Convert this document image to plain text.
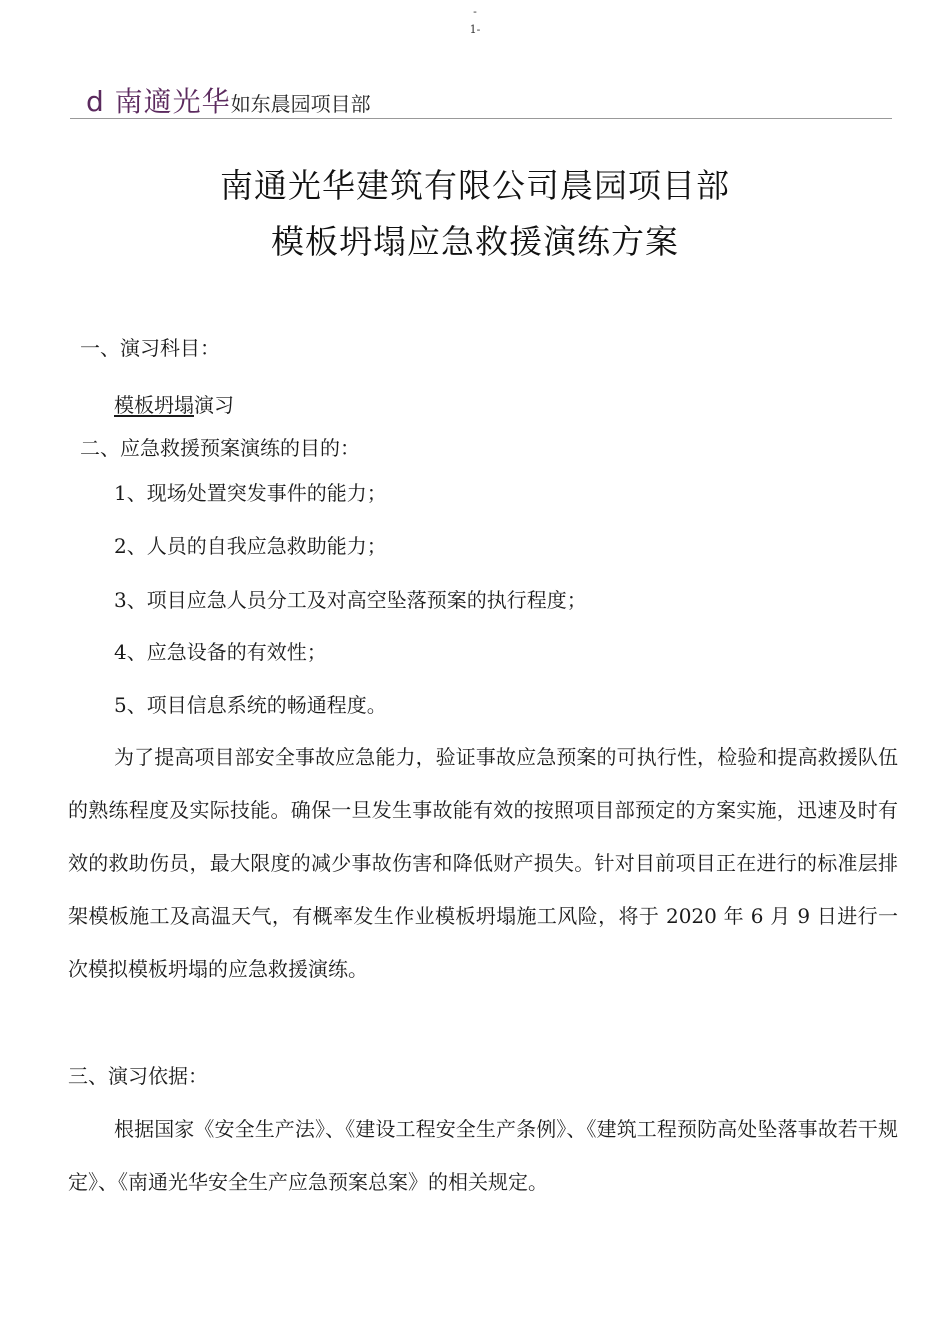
-
1-
d 南適光华如东晨园项目部
南通光华建筑有限公司晨园项目部
模板坍塌应急救援演练方案
一、演习科目：
模板坍塌演习
二、应急救援预案演练的目的：
1、现场处置突发事件的能力；
2、人员的自我应急救助能力；
3、项目应急人员分工及对高空坠落预案的执行程度；
4、应急设备的有效性；
5、项目信息系统的畅通程度。
为了提高项目部安全事故应急能力，验证事故应急预案的可执行性，检验和提高救援队伍的熟练程度及实际技能。确保一旦发生事故能有效的按照项目部预定的方案实施，迅速及时有效的救助伤员，最大限度的减少事故伤害和降低财产损失。针对目前项目正在进行的标准层排架模板施工及高温天气，有概率发生作业模板坍塌施工风险，将于 2020 年 6 月 9 日进行一次模拟模板坍塌的应急救援演练。
三、演习依据：
根据国家《安全生产法》、《建设工程安全生产条例》、《建筑工程预防高处坠落事故若干规定》、《南通光华安全生产应急预案总案》的相关规定。
